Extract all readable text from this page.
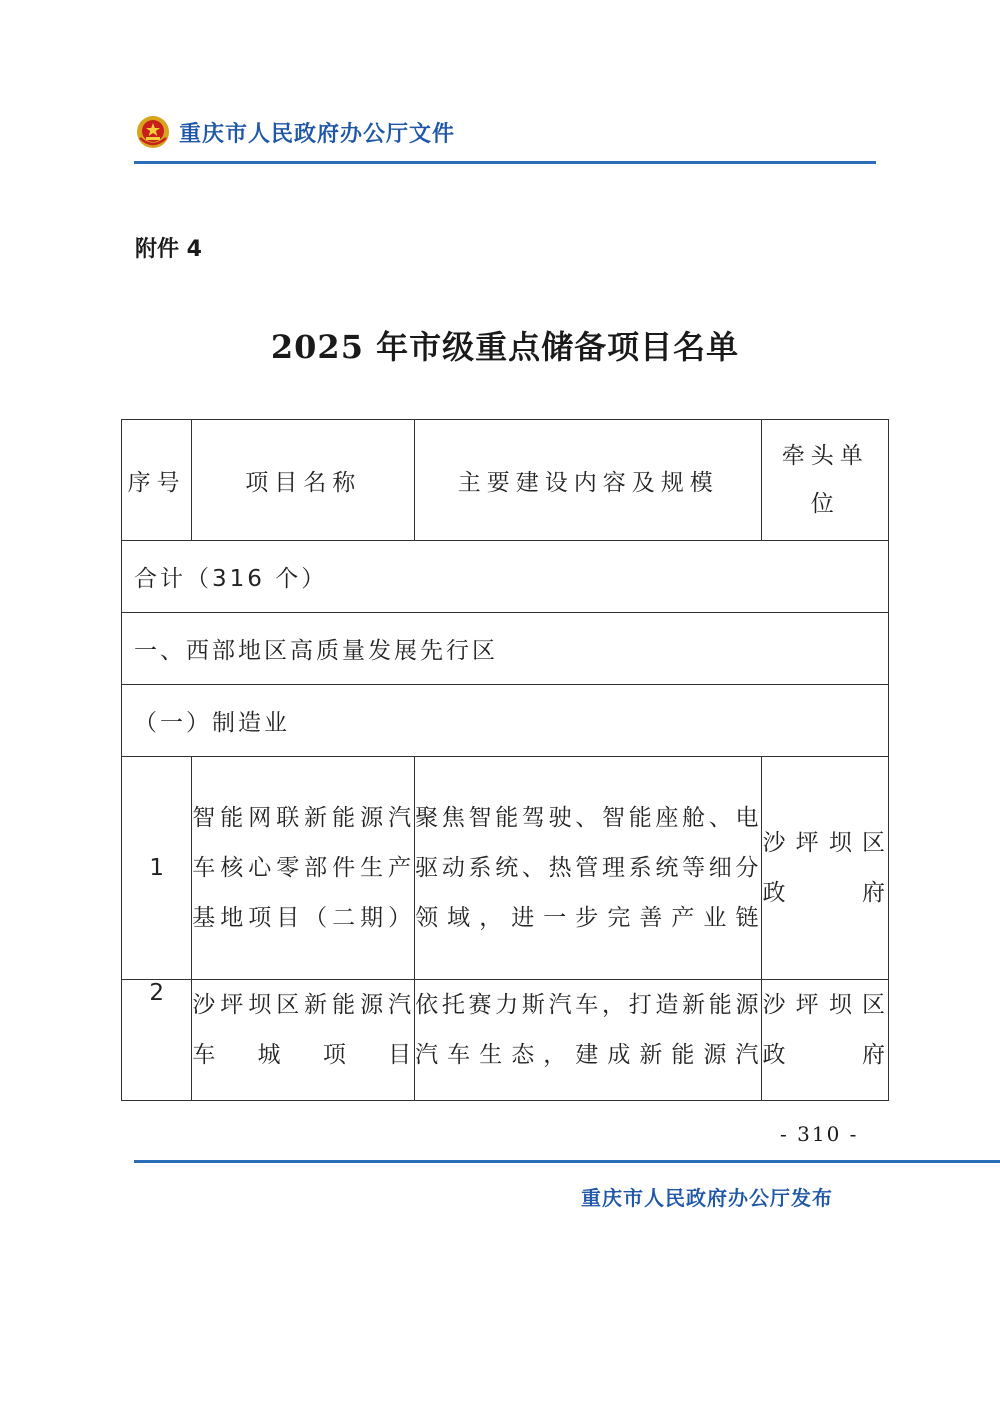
重庆市人民政府办公厅文件
附件 4
2025 年市级重点储备项目名单
序号	项目名称	主要建设内容及规模	牵头单位
合计（316 个）			
一、西部地区高质量发展先行区			
（一）制造业			
1	智能网联新能源汽车核心零部件生产基地项目（二期）	聚焦智能驾驶、智能座舱、电驱动系统、热管理系统等细分领域，进一步完善产业链	沙坪坝区政府
2	沙坪坝区新能源汽车城项目	依托赛力斯汽车，打造新能源汽车生态，建成新能源汽	沙坪坝区政府
- 310 -
重庆市人民政府办公厅发布
